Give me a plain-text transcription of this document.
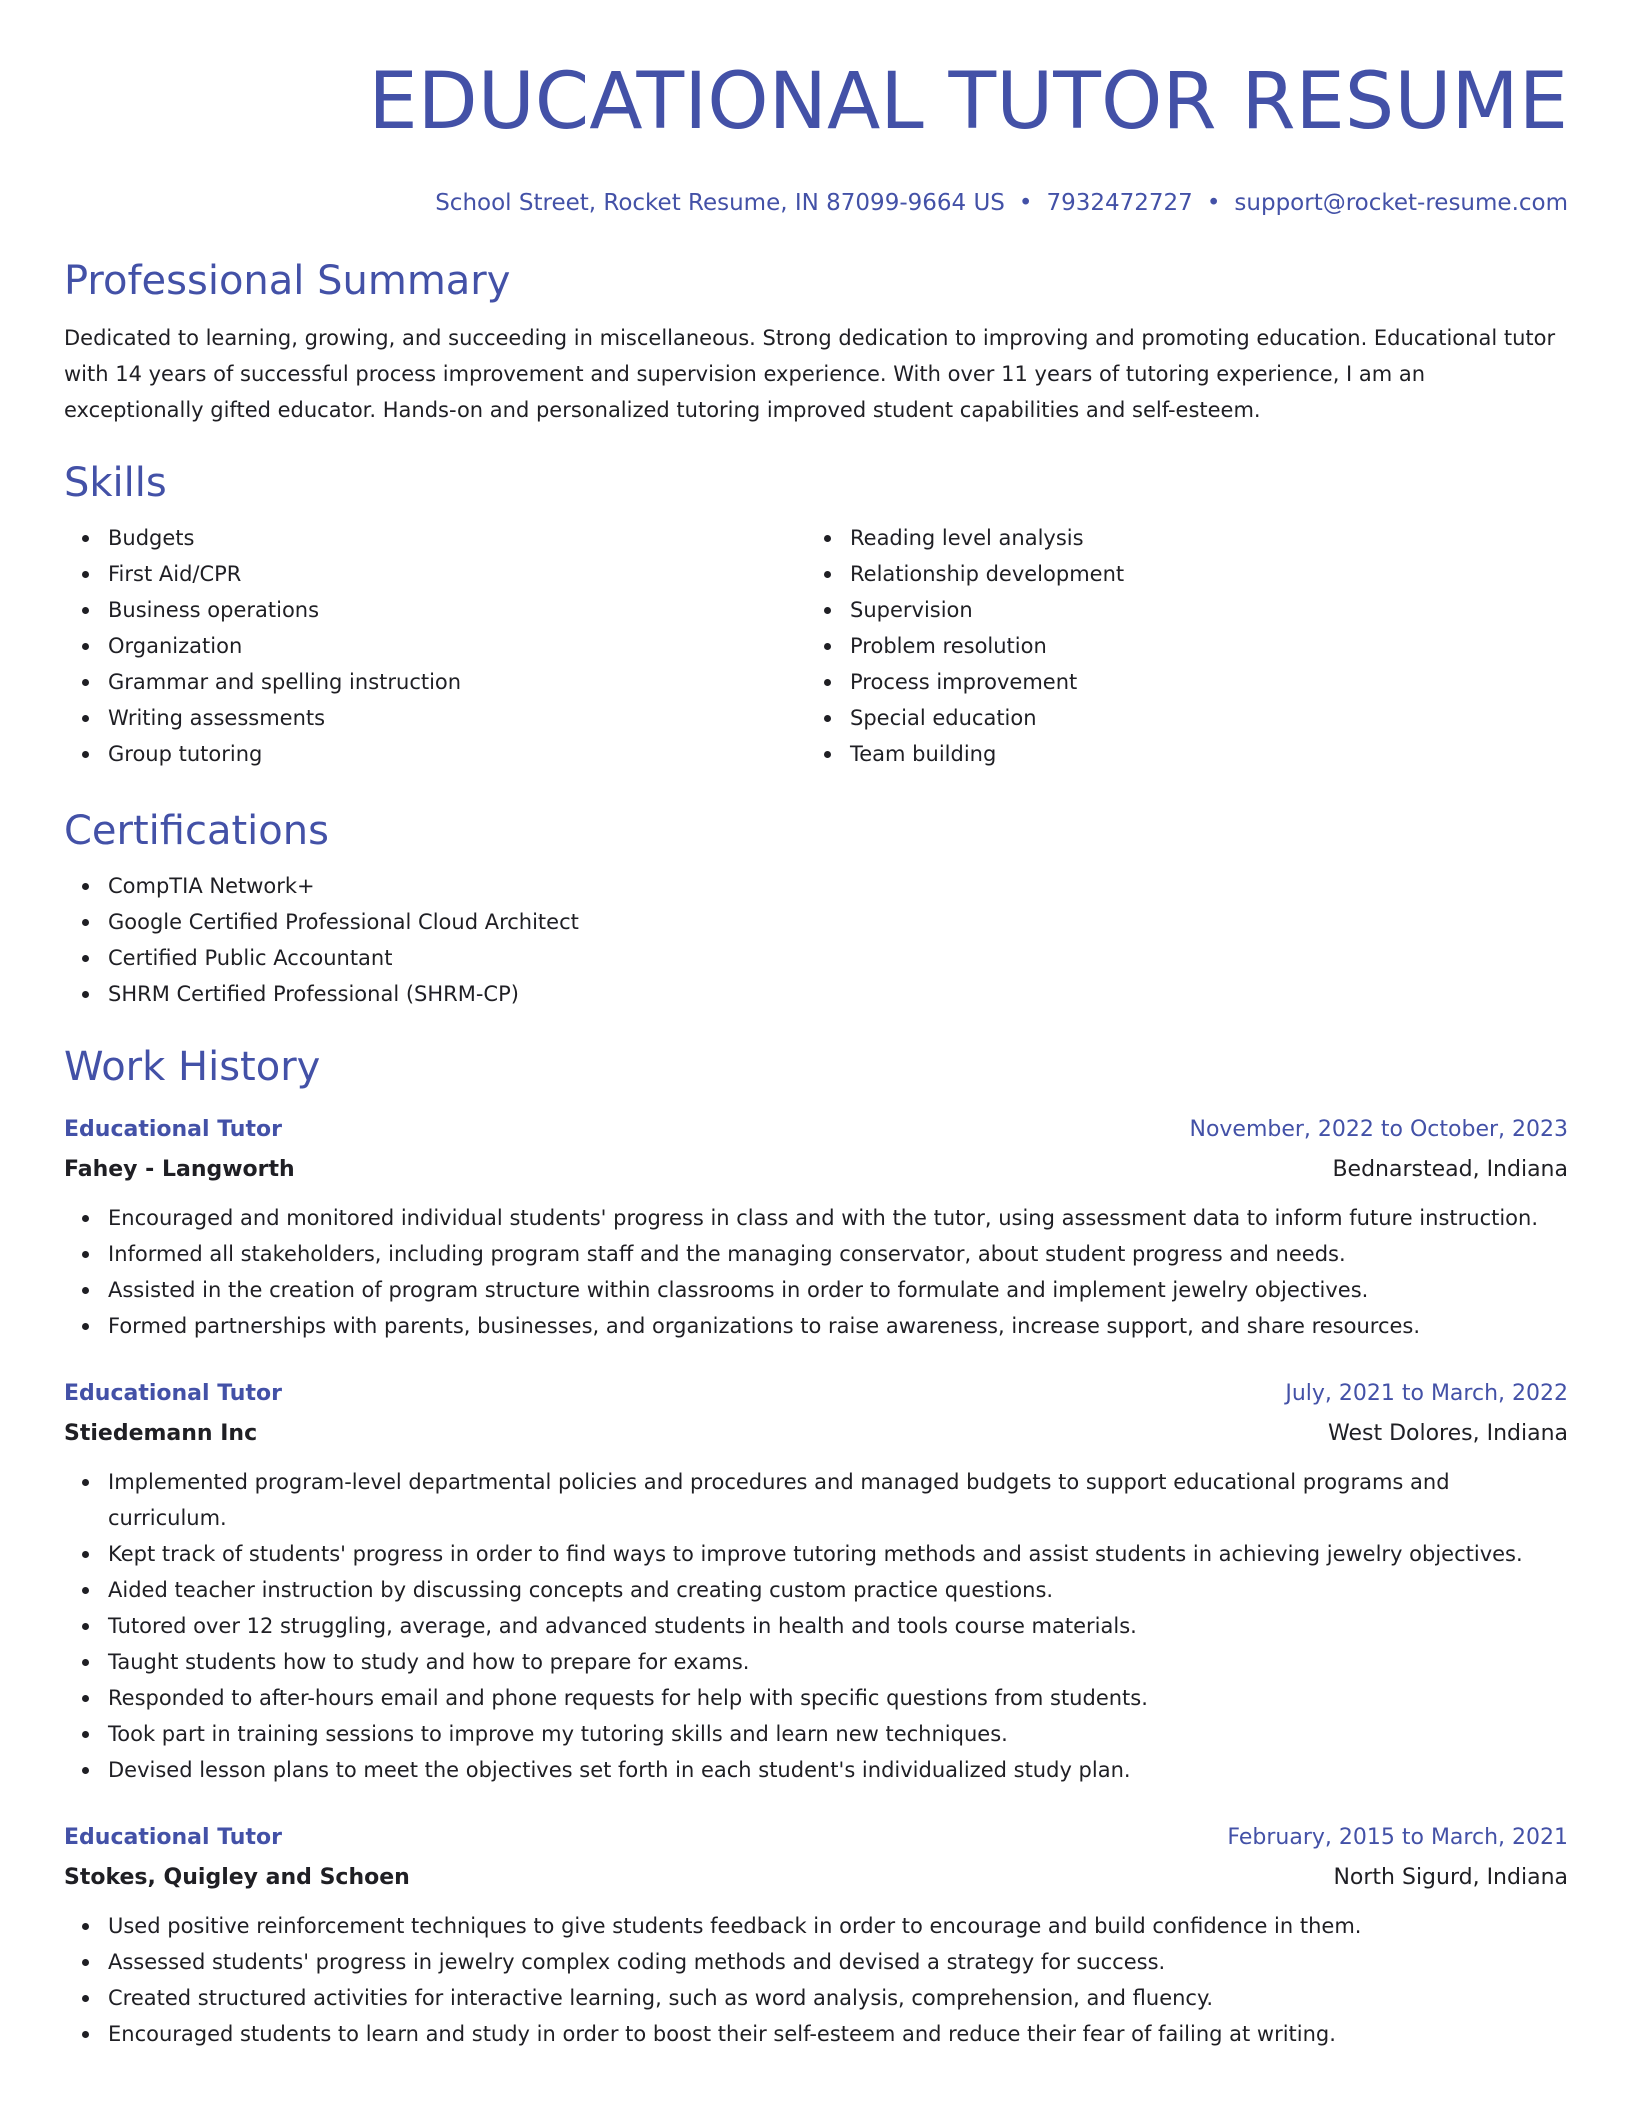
EDUCATIONAL TUTOR RESUME
School Street, Rocket Resume, IN 87099-9664 US • 7932472727 • support@rocket-resume.com
Professional Summary
Dedicated to learning, growing, and succeeding in miscellaneous. Strong dedication to improving and promoting education. Educational tutor with 14 years of successful process improvement and supervision experience. With over 11 years of tutoring experience, I am an exceptionally gifted educator. Hands-on and personalized tutoring improved student capabilities and self-esteem.
Skills
Budgets
First Aid/CPR
Business operations
Organization
Grammar and spelling instruction
Writing assessments
Group tutoring
Reading level analysis
Relationship development
Supervision
Problem resolution
Process improvement
Special education
Team building
Certifications
CompTIA Network+
Google Certified Professional Cloud Architect
Certified Public Accountant
SHRM Certified Professional (SHRM-CP)
Work History
Educational Tutor	November, 2022 to October, 2023
Fahey - Langworth	Bednarstead, Indiana
Encouraged and monitored individual students' progress in class and with the tutor, using assessment data to inform future instruction.
Informed all stakeholders, including program staff and the managing conservator, about student progress and needs.
Assisted in the creation of program structure within classrooms in order to formulate and implement jewelry objectives.
Formed partnerships with parents, businesses, and organizations to raise awareness, increase support, and share resources.
Educational Tutor	July, 2021 to March, 2022
Stiedemann Inc	West Dolores, Indiana
Implemented program-level departmental policies and procedures and managed budgets to support educational programs and curriculum.
Kept track of students' progress in order to find ways to improve tutoring methods and assist students in achieving jewelry objectives.
Aided teacher instruction by discussing concepts and creating custom practice questions.
Tutored over 12 struggling, average, and advanced students in health and tools course materials.
Taught students how to study and how to prepare for exams.
Responded to after-hours email and phone requests for help with specific questions from students.
Took part in training sessions to improve my tutoring skills and learn new techniques.
Devised lesson plans to meet the objectives set forth in each student's individualized study plan.
Educational Tutor	February, 2015 to March, 2021
Stokes, Quigley and Schoen	North Sigurd, Indiana
Used positive reinforcement techniques to give students feedback in order to encourage and build confidence in them.
Assessed students' progress in jewelry complex coding methods and devised a strategy for success.
Created structured activities for interactive learning, such as word analysis, comprehension, and fluency.
Encouraged students to learn and study in order to boost their self-esteem and reduce their fear of failing at writing.
